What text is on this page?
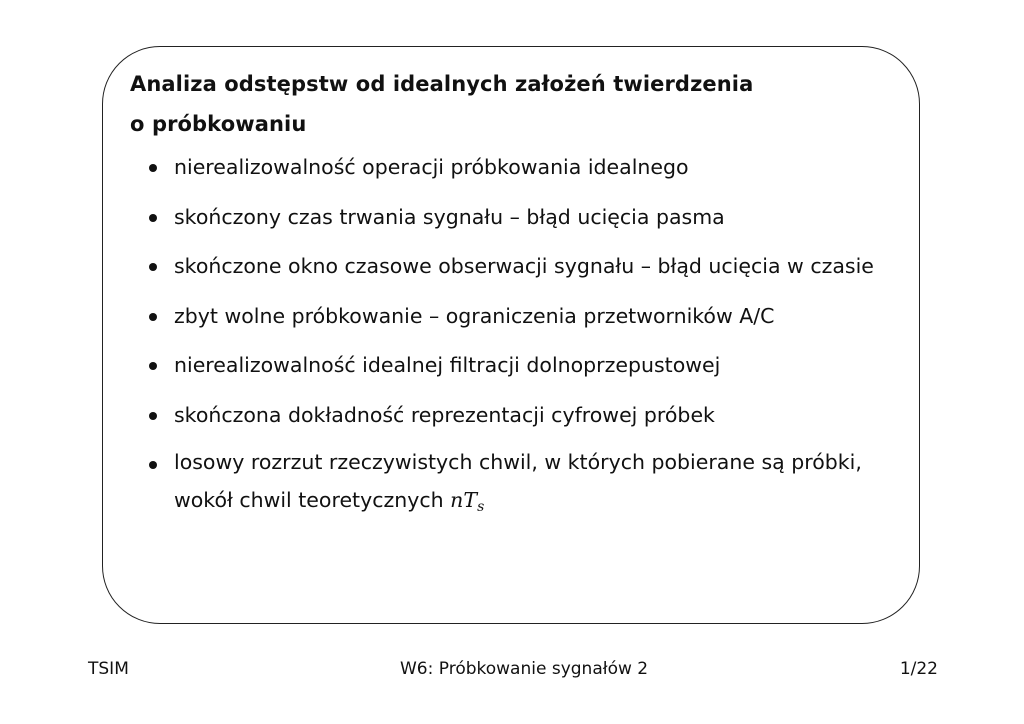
Analiza odstępstw od idealnych założeń twierdzenia
o próbkowaniu
nierealizowalność operacji próbkowania idealnego
skończony czas trwania sygnału – błąd ucięcia pasma
skończone okno czasowe obserwacji sygnału – błąd ucięcia w czasie
zbyt wolne próbkowanie – ograniczenia przetworników A/C
nierealizowalność idealnej filtracji dolnoprzepustowej
skończona dokładność reprezentacji cyfrowej próbek
losowy rozrzut rzeczywistych chwil, w których pobierane są próbki,
wokół chwil teoretycznych $nT_s$
TSIM	W6: Próbkowanie sygnałów 2	1/22
